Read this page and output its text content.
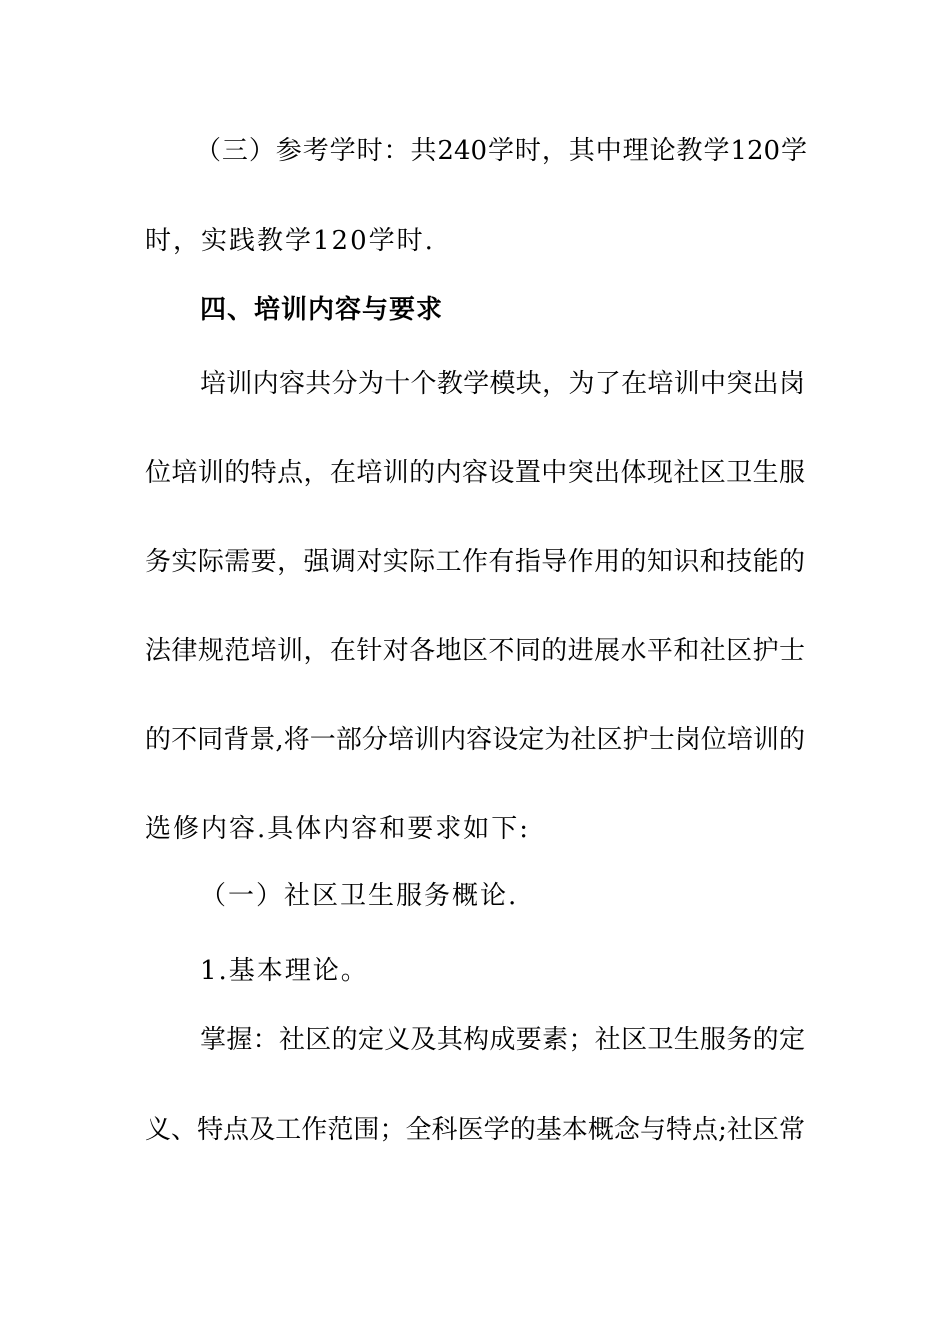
（三）参考学时：共240学时，其中理论教学120学
时，实践教学120学时.
四、培训内容与要求
培训内容共分为十个教学模块，为了在培训中突出岗
位培训的特点，在培训的内容设置中突出体现社区卫生服
务实际需要，强调对实际工作有指导作用的知识和技能的
法律规范培训，在针对各地区不同的进展水平和社区护士
的不同背景,将一部分培训内容设定为社区护士岗位培训的
选修内容.具体内容和要求如下:
（一）社区卫生服务概论.
1.基本理论。
掌握：社区的定义及其构成要素；社区卫生服务的定
义、特点及工作范围；全科医学的基本概念与特点;社区常
